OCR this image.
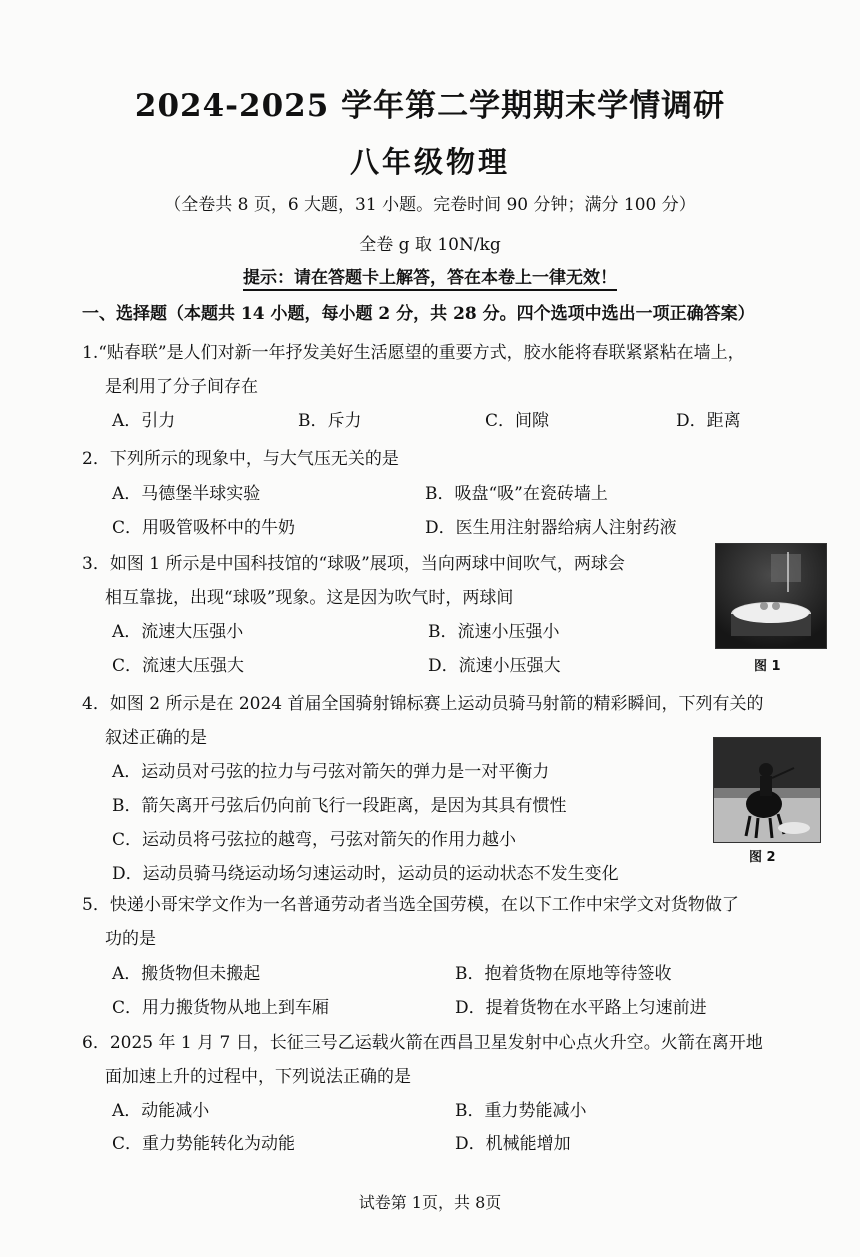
2024-2025 学年第二学期期末学情调研
八年级物理
（全卷共 8 页，6 大题，31 小题。完卷时间 90 分钟；满分 100 分）
全卷 g 取 10N/kg
提示：请在答题卡上解答，答在本卷上一律无效！
一、选择题（本题共 14 小题，每小题 2 分，共 28 分。四个选项中选出一项正确答案）
1.“贴春联”是人们对新一年抒发美好生活愿望的重要方式，胶水能将春联紧紧粘在墙上，
是利用了分子间存在
A．引力	B．斥力	C．间隙	D．距离
2．下列所示的现象中，与大气压无关的是
A．马德堡半球实验	B．吸盘“吸”在瓷砖墙上
C．用吸管吸杯中的牛奶	D．医生用注射器给病人注射药液
3．如图 1 所示是中国科技馆的“球吸”展项，当向两球中间吹气，两球会
相互靠拢，出现“球吸”现象。这是因为吹气时，两球间
A．流速大压强小	B．流速小压强小
C．流速大压强大	D．流速小压强大	图 1
4．如图 2 所示是在 2024 首届全国骑射锦标赛上运动员骑马射箭的精彩瞬间，下列有关的
叙述正确的是
A．运动员对弓弦的拉力与弓弦对箭矢的弹力是一对平衡力
B．箭矢离开弓弦后仍向前飞行一段距离，是因为其具有惯性
C．运动员将弓弦拉的越弯，弓弦对箭矢的作用力越小
D．运动员骑马绕运动场匀速运动时，运动员的运动状态不发生变化
图 2
5．快递小哥宋学文作为一名普通劳动者当选全国劳模，在以下工作中宋学文对货物做了
功的是
A．搬货物但未搬起	B．抱着货物在原地等待签收
C．用力搬货物从地上到车厢	D．提着货物在水平路上匀速前进
6．2025 年 1 月 7 日，长征三号乙运载火箭在西昌卫星发射中心点火升空。火箭在离开地
面加速上升的过程中，下列说法正确的是
A．动能减小	B．重力势能减小
C．重力势能转化为动能	D．机械能增加
试卷第 1页，共 8页
